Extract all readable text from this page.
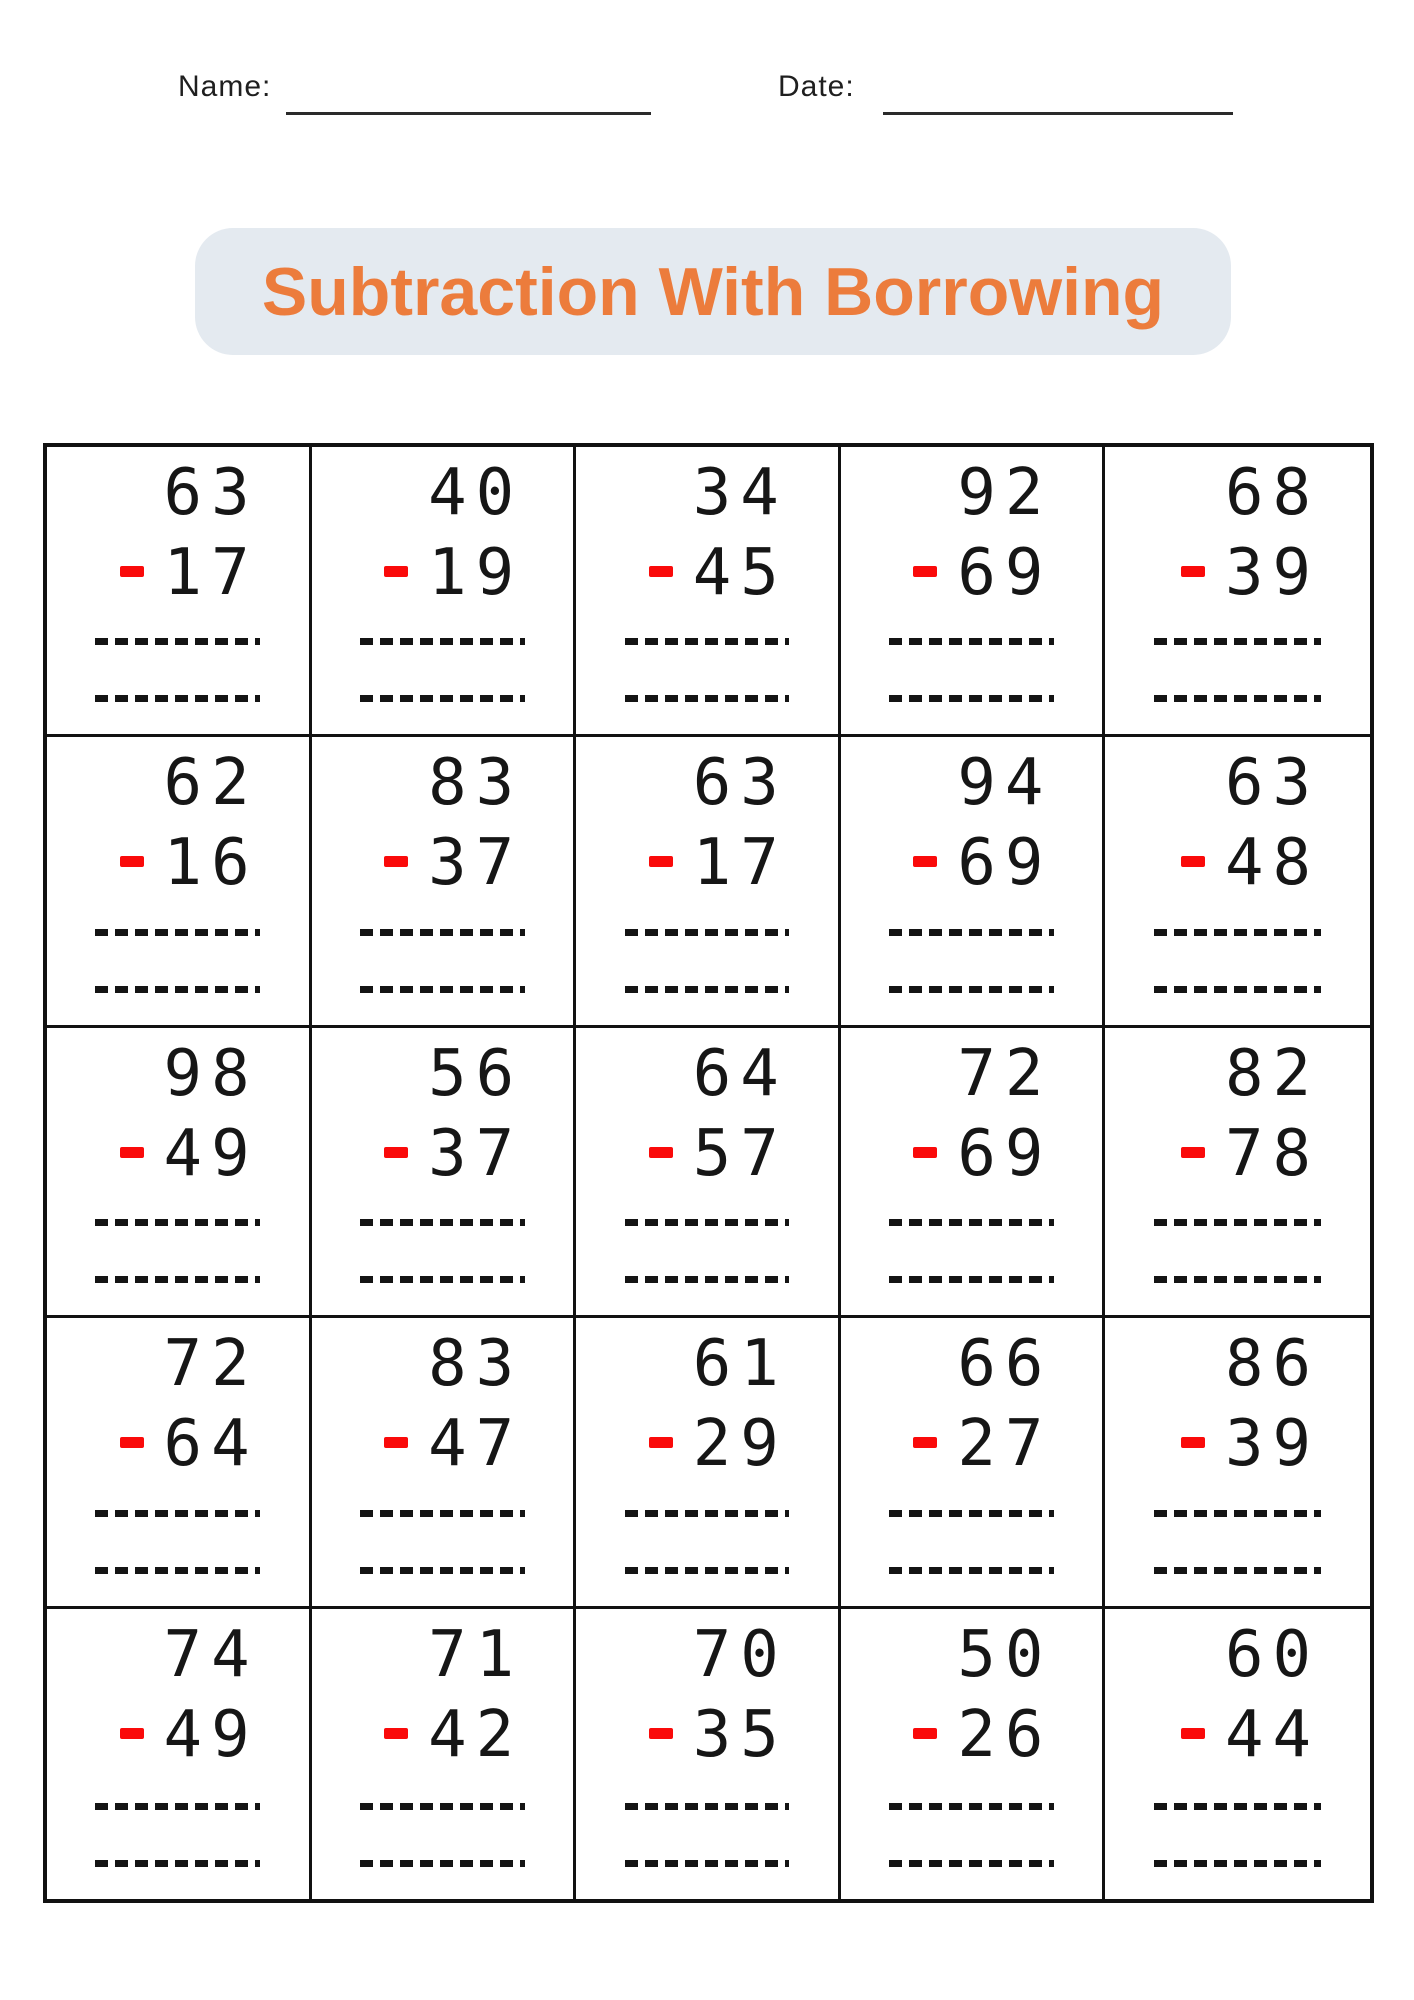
Name:	Date:
Subtraction With Borrowing
63
17
40
19
34
45
92
69
68
39
62
16
83
37
63
17
94
69
63
48
98
49
56
37
64
57
72
69
82
78
72
64
83
47
61
29
66
27
86
39
74
49
71
42
70
35
50
26
60
44
